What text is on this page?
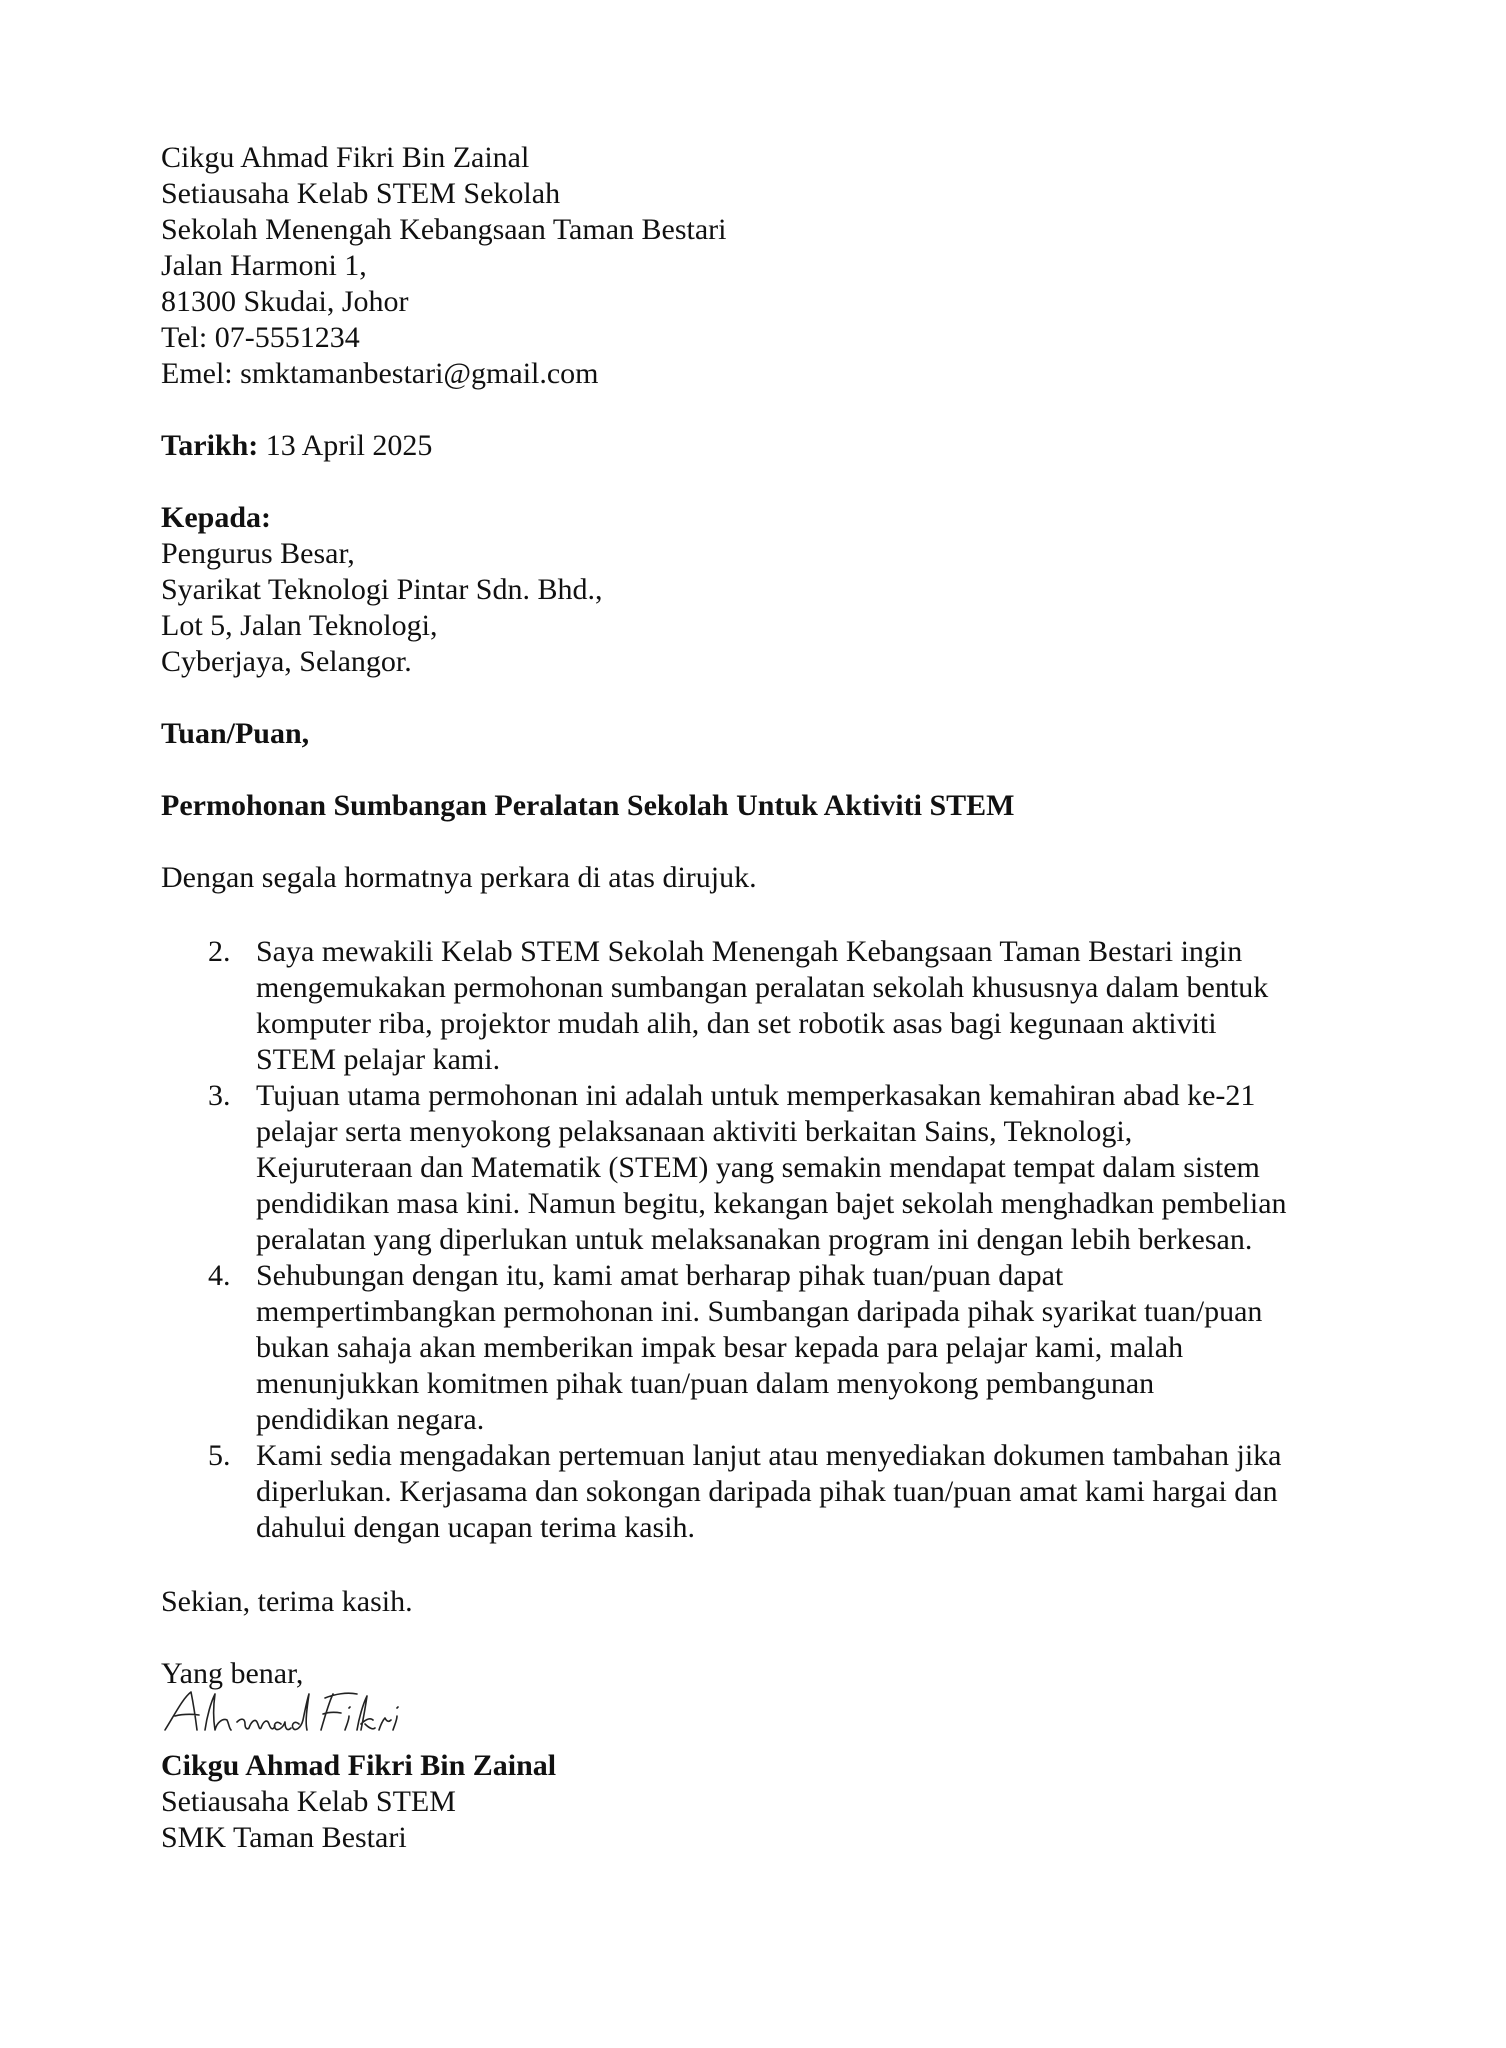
Cikgu Ahmad Fikri Bin Zainal
Setiausaha Kelab STEM Sekolah
Sekolah Menengah Kebangsaan Taman Bestari
Jalan Harmoni 1,
81300 Skudai, Johor
Tel: 07-5551234
Emel: smktamanbestari@gmail.com
Tarikh: 13 April 2025
Kepada:
Pengurus Besar,
Syarikat Teknologi Pintar Sdn. Bhd.,
Lot 5, Jalan Teknologi,
Cyberjaya, Selangor.
Tuan/Puan,
Permohonan Sumbangan Peralatan Sekolah Untuk Aktiviti STEM
Dengan segala hormatnya perkara di atas dirujuk.
2. Saya mewakili Kelab STEM Sekolah Menengah Kebangsaan Taman Bestari ingin
mengemukakan permohonan sumbangan peralatan sekolah khususnya dalam bentuk
komputer riba, projektor mudah alih, dan set robotik asas bagi kegunaan aktiviti
STEM pelajar kami.
3. Tujuan utama permohonan ini adalah untuk memperkasakan kemahiran abad ke-21
pelajar serta menyokong pelaksanaan aktiviti berkaitan Sains, Teknologi,
Kejuruteraan dan Matematik (STEM) yang semakin mendapat tempat dalam sistem
pendidikan masa kini. Namun begitu, kekangan bajet sekolah menghadkan pembelian
peralatan yang diperlukan untuk melaksanakan program ini dengan lebih berkesan.
4. Sehubungan dengan itu, kami amat berharap pihak tuan/puan dapat
mempertimbangkan permohonan ini. Sumbangan daripada pihak syarikat tuan/puan
bukan sahaja akan memberikan impak besar kepada para pelajar kami, malah
menunjukkan komitmen pihak tuan/puan dalam menyokong pembangunan
pendidikan negara.
5. Kami sedia mengadakan pertemuan lanjut atau menyediakan dokumen tambahan jika
diperlukan. Kerjasama dan sokongan daripada pihak tuan/puan amat kami hargai dan
dahului dengan ucapan terima kasih.
Sekian, terima kasih.
Yang benar,
Cikgu Ahmad Fikri Bin Zainal
Setiausaha Kelab STEM
SMK Taman Bestari
